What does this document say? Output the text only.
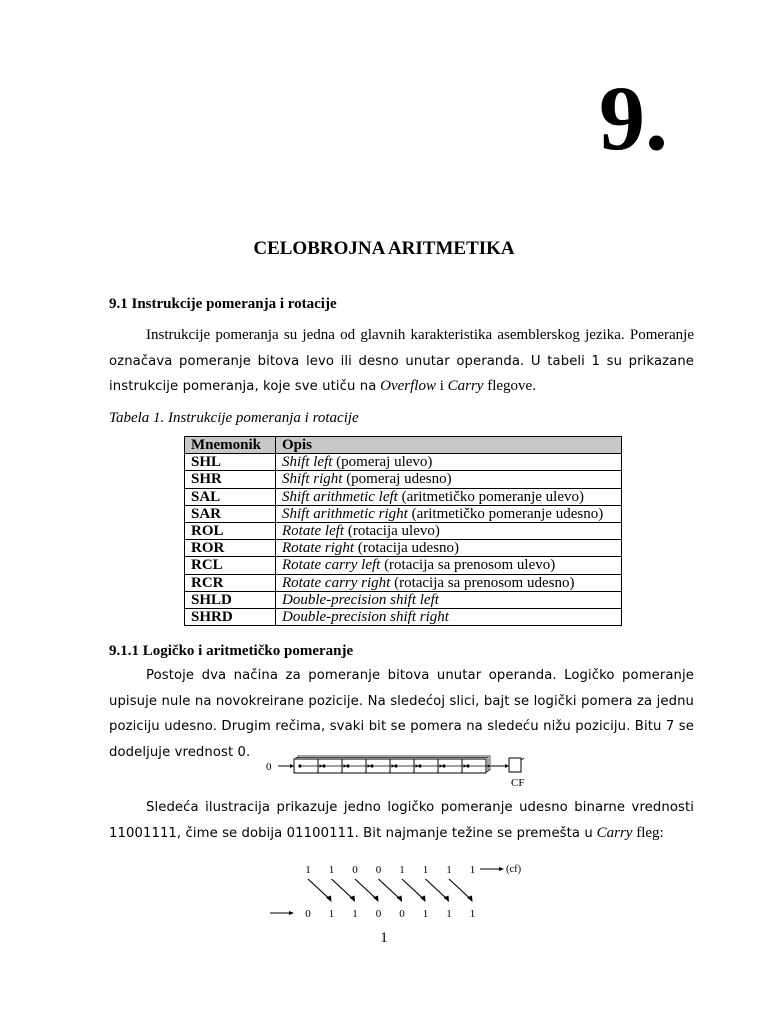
9.
CELOBROJNA ARITMETIKA
9.1 Instrukcije pomeranja i rotacije

Instrukcije pomeranja su jedna od glavnih karakteristika asemblerskog jezika. Pomeranje označava pomeranje bitova levo ili desno unutar operanda. U tabeli 1 su prikazane instrukcije pomeranja, koje sve utiču na Overflow i Carry flegove.

Tabela 1. Instrukcije pomeranja i rotacije
Mnemonik	Opis
SHL	Shift left (pomeraj ulevo)
SHR	Shift right (pomeraj udesno)
SAL	Shift arithmetic left (aritmetičko pomeranje ulevo)
SAR	Shift arithmetic right (aritmetičko pomeranje udesno)
ROL	Rotate left (rotacija ulevo)
ROR	Rotate right (rotacija udesno)
RCL	Rotate carry left (rotacija sa prenosom ulevo)
RCR	Rotate carry right (rotacija sa prenosom udesno)
SHLD	Double-precision shift left
SHRD	Double-precision shift right
9.1.1 Logičko i aritmetičko pomeranje

Postoje dva načina za pomeranje bitova unutar operanda. Logičko pomeranje upisuje nule na novokreirane pozicije. Na sledećoj slici, bajt se logički pomera za jednu poziciju udesno. Drugim rečima, svaki bit se pomera na sledeću nižu poziciju. Bitu 7 se dodeljuje vrednost 0.

0
CF

Sledeća ilustracija prikazuje jedno logičko pomeranje udesno binarne vrednosti 11001111, čime se dobija 01100111. Bit najmanje težine se premešta u Carry fleg:

1 1 0 0 1 1 1 1
0 1 1 0 0 1 1 1
(cf)
1
